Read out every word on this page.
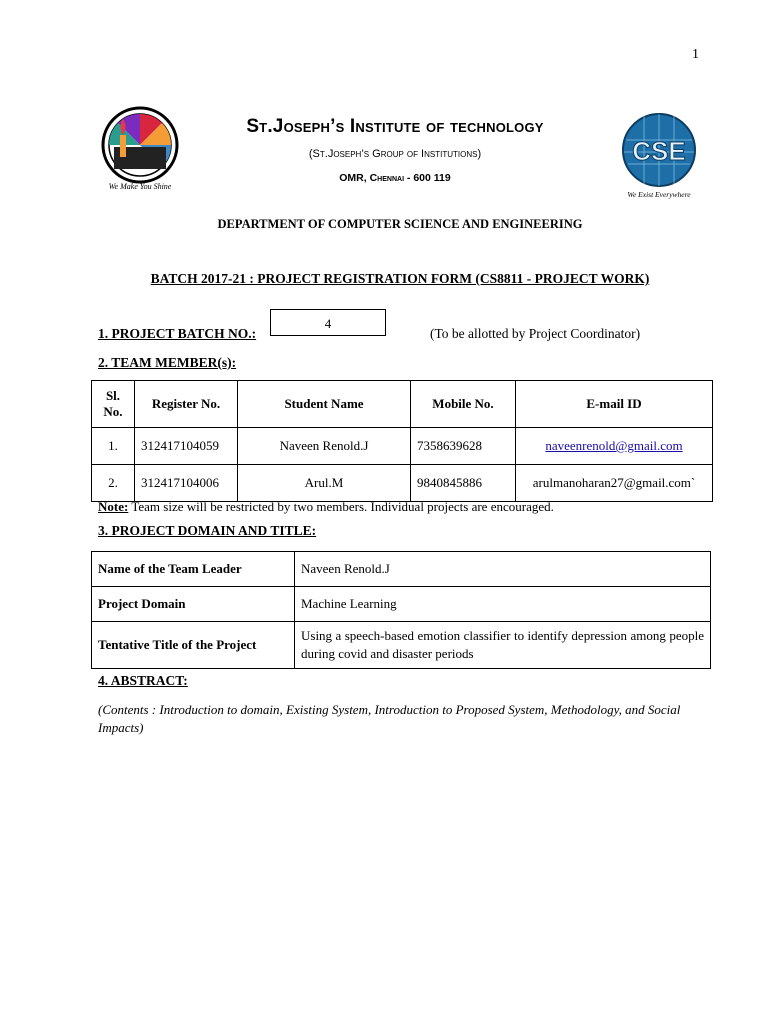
1
We Make You Shine
St.Joseph’s Institute of technology
(St.Joseph’s Group of Institutions)
OMR, Chennai - 600 119
CSE
We Exist Everywhere
DEPARTMENT OF COMPUTER SCIENCE AND ENGINEERING
BATCH 2017-21 : PROJECT REGISTRATION FORM (CS8811 - PROJECT WORK)
1. PROJECT BATCH NO.:
4
(To be allotted by Project Coordinator)
2. TEAM MEMBER(s):
Sl. No.	Register No.	Student Name	Mobile No.	E-mail ID
1.	312417104059	Naveen Renold.J	7358639628	naveenrenold@gmail.com
2.	312417104006	Arul.M	9840845886	arulmanoharan27@gmail.com`
Note: Team size will be restricted by two members. Individual projects are encouraged.
3. PROJECT DOMAIN AND TITLE:
Name of the Team Leader	Naveen Renold.J
Project Domain	Machine Learning
Tentative Title of the Project	Using a speech-based emotion classifier to identify depression among people during covid and disaster periods
4. ABSTRACT:
(Contents : Introduction to domain, Existing System, Introduction to Proposed System, Methodology, and Social Impacts)
